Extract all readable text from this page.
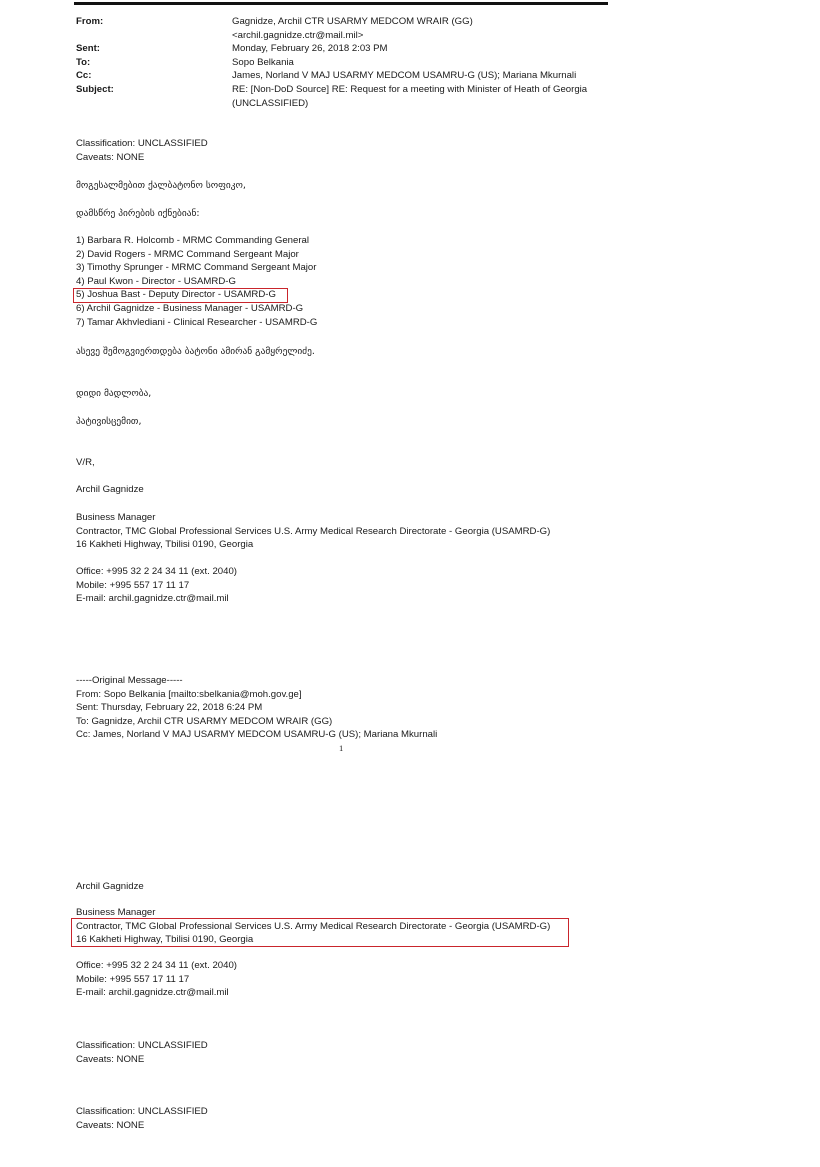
From:	Gagnidze, Archil CTR USARMY MEDCOM WRAIR (GG)
<archil.gagnidze.ctr@mail.mil>
Sent:	Monday, February 26, 2018 2:03 PM
To:	Sopo Belkania
Cc:	James, Norland V MAJ USARMY MEDCOM USAMRU-G (US); Mariana Mkurnali
Subject:	RE: [Non-DoD Source] RE: Request for a meeting with Minister of Heath of Georgia
(UNCLASSIFIED)
Classification: UNCLASSIFIED
Caveats: NONE
მოგესალმებით ქალბატონო სოფიკო,
დამსწრე პირების იქნებიან:
1) Barbara R. Holcomb - MRMC Commanding General
2) David Rogers - MRMC Command Sergeant Major
3) Timothy Sprunger - MRMC Command Sergeant Major
4) Paul Kwon - Director - USAMRD-G
5) Joshua Bast - Deputy Director - USAMRD-G
6) Archil Gagnidze - Business Manager - USAMRD-G
7) Tamar Akhvlediani - Clinical Researcher - USAMRD-G
ასევე შემოგვიერთდება ბატონი ამირან გამყრელიძე.
დიდი მადლობა,
პატივისცემით,
V/R,
Archil Gagnidze
Business Manager
Contractor, TMC Global Professional Services U.S. Army Medical Research Directorate - Georgia (USAMRD-G)
16 Kakheti Highway, Tbilisi 0190, Georgia
Office: +995 32 2 24 34 11 (ext. 2040)
Mobile: +995 557 17 11 17
E-mail: archil.gagnidze.ctr@mail.mil
-----Original Message-----
From: Sopo Belkania [mailto:sbelkania@moh.gov.ge]
Sent: Thursday, February 22, 2018 6:24 PM
To: Gagnidze, Archil CTR USARMY MEDCOM WRAIR (GG)
Cc: James, Norland V MAJ USARMY MEDCOM USAMRU-G (US); Mariana Mkurnali
1
Archil Gagnidze
Business Manager
Contractor, TMC Global Professional Services U.S. Army Medical Research Directorate - Georgia (USAMRD-G)
16 Kakheti Highway, Tbilisi 0190, Georgia
Office: +995 32 2 24 34 11 (ext. 2040)
Mobile: +995 557 17 11 17
E-mail: archil.gagnidze.ctr@mail.mil
Classification: UNCLASSIFIED
Caveats: NONE
Classification: UNCLASSIFIED
Caveats: NONE
